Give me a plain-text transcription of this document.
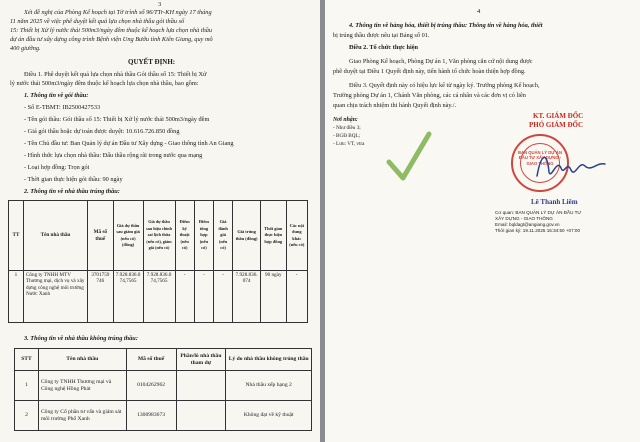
3
Xét đề nghị của Phòng Kế hoạch tại Tờ trình số 96/TTr-KH ngày 17 tháng
11 năm 2025 về việc phê duyệt kết quả lựa chọn nhà thầu gói thầu số
15: Thiết bị Xử lý nước thải 500m3/ngày đêm thuộc kế hoạch lựa chọn nhà thầu
dự án đầu tư xây dựng công trình Bệnh viện Ung Bướu tỉnh Kiên Giang, quy mô
400 giường.
QUYẾT ĐỊNH:
Điều 1. Phê duyệt kết quả lựa chọn nhà thầu Gói thầu số 15: Thiết bị Xử
lý nước thải 500m3/ngày đêm thuộc kế hoạch lựa chọn nhà thầu, bao gồm:
1. Thông tin về gói thầu:
- Số E-TBMT: IB2500427533
- Tên gói thầu: Gói thầu số 15: Thiết bị Xử lý nước thải 500m3/ngày đêm
- Giá gói thầu hoặc dự toán được duyệt: 10.616.726.850 đồng
- Tên Chủ đầu tư: Ban Quản lý dự án Đầu tư Xây dựng - Giao thông tỉnh An Giang
- Hình thức lựa chọn nhà thầu: Đấu thầu rộng rãi trong nước qua mạng
- Loại hợp đồng: Trọn gói
- Thời gian thực hiện gói thầu: 90 ngày
2. Thông tin về nhà thầu trúng thầu:
TT	Tên nhà thầu	Mã số thuế	Giá dự thầu sau giảm giá (nếu có) (đồng)	Giá dự thầu sau hiệu chỉnh sai lệch thừa (nếu có), giảm giá (nếu có)	Điểm kỹ thuật (nếu có)	Điểm tổng hợp (nếu có)	Giá đánh giá (nếu có)	Giá trúng thầu (đồng)	Thời gian thực hiện hợp đồng	Các nội dung khác (nếu có)
1	Công ty TNHH MTV Thương mại, dịch vụ và xây dựng công nghệ môi trường Nước Xanh	3701759746	7.928.836.074,7565	7.928.836.074,7565	-	-	-	7.928.836.074	90 ngày	-
3. Thông tin về nhà thầu không trúng thầu:
STT	Tên nhà thầu	Mã số thuế	Phần/lô nhà thầu tham dự	Lý do nhà thầu không trúng thầu
1	Công ty TNHH Thương mại và Công nghệ Hồng Phát	0104262962		Nhà thầu xếp hạng 2
2	Công ty Cổ phần tư vấn và giám sát môi trường Phố Xanh	1300983673		Không đạt về kỹ thuật
4
4. Thông tin về hàng hóa, thiết bị trúng thầu: Thông tin về hàng hóa, thiết
bị trúng thầu được nêu tại Bảng số 01.
Điều 2. Tổ chức thực hiện
Giao Phòng Kế hoạch, Phòng Dự án 1, Văn phòng căn cứ nội dung được
phê duyệt tại Điều 1 Quyết định này, tiến hành tổ chức hoàn thiện hợp đồng.
Điều 3. Quyết định này có hiệu lực kể từ ngày ký. Trưởng phòng Kế hoạch,
Trưởng phòng Dự án 1, Chánh Văn phòng, các cá nhân và các đơn vị có liên
quan chịu trách nhiệm thi hành Quyết định này./.
Nơi nhận:
- Như điều 3;
- BGĐ BQL;
- Lưu: VT, vtra
KT. GIÁM ĐỐC
PHÓ GIÁM ĐỐC
BAN QUẢN LÝ DỰ ÁN ĐẦU TƯ XÂY DỰNG - GIAO THÔNG
Lê Thanh Liêm
Cơ quan: BAN QUẢN LÝ DỰ ÁN ĐẦU TƯ
XÂY DỰNG - GIAO THÔNG
Email: bqldagt@angiang.gov.vn
Thời gian ký: 19.11.2025 15:34:50 +07:00
